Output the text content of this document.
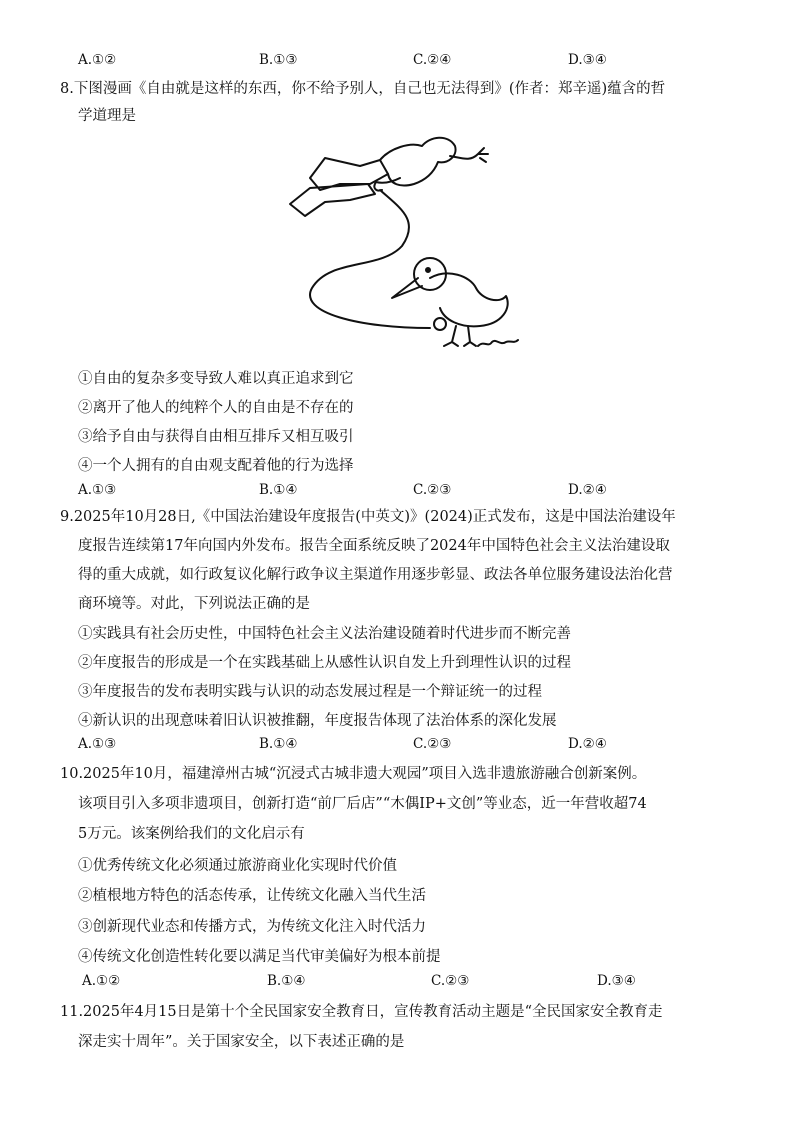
A.①②	B.①③	C.②④	D.③④
8.下图漫画《自由就是这样的东西，你不给予别人，自己也无法得到》(作者：郑辛遥)蕴含的哲
学道理是
①自由的复杂多变导致人难以真正追求到它
②离开了他人的纯粹个人的自由是不存在的
③给予自由与获得自由相互排斥又相互吸引
④一个人拥有的自由观支配着他的行为选择
A.①③	B.①④	C.②③	D.②④
9.2025年10月28日,《中国法治建设年度报告(中英文)》(2024)正式发布，这是中国法治建设年
度报告连续第17年向国内外发布。报告全面系统反映了2024年中国特色社会主义法治建设取
得的重大成就，如行政复议化解行政争议主渠道作用逐步彰显、政法各单位服务建设法治化营
商环境等。对此，下列说法正确的是
①实践具有社会历史性，中国特色社会主义法治建设随着时代进步而不断完善
②年度报告的形成是一个在实践基础上从感性认识自发上升到理性认识的过程
③年度报告的发布表明实践与认识的动态发展过程是一个辩证统一的过程
④新认识的出现意味着旧认识被推翻，年度报告体现了法治体系的深化发展
A.①③	B.①④	C.②③	D.②④
10.2025年10月，福建漳州古城“沉浸式古城非遗大观园”项目入选非遗旅游融合创新案例。
该项目引入多项非遗项目，创新打造“前厂后店”“木偶IP+文创”等业态，近一年营收超74
5万元。该案例给我们的文化启示有
①优秀传统文化必须通过旅游商业化实现时代价值
②植根地方特色的活态传承，让传统文化融入当代生活
③创新现代业态和传播方式，为传统文化注入时代活力
④传统文化创造性转化要以满足当代审美偏好为根本前提
A.①②	B.①④	C.②③	D.③④
11.2025年4月15日是第十个全民国家安全教育日，宣传教育活动主题是“全民国家安全教育走
深走实十周年”。关于国家安全，以下表述正确的是
